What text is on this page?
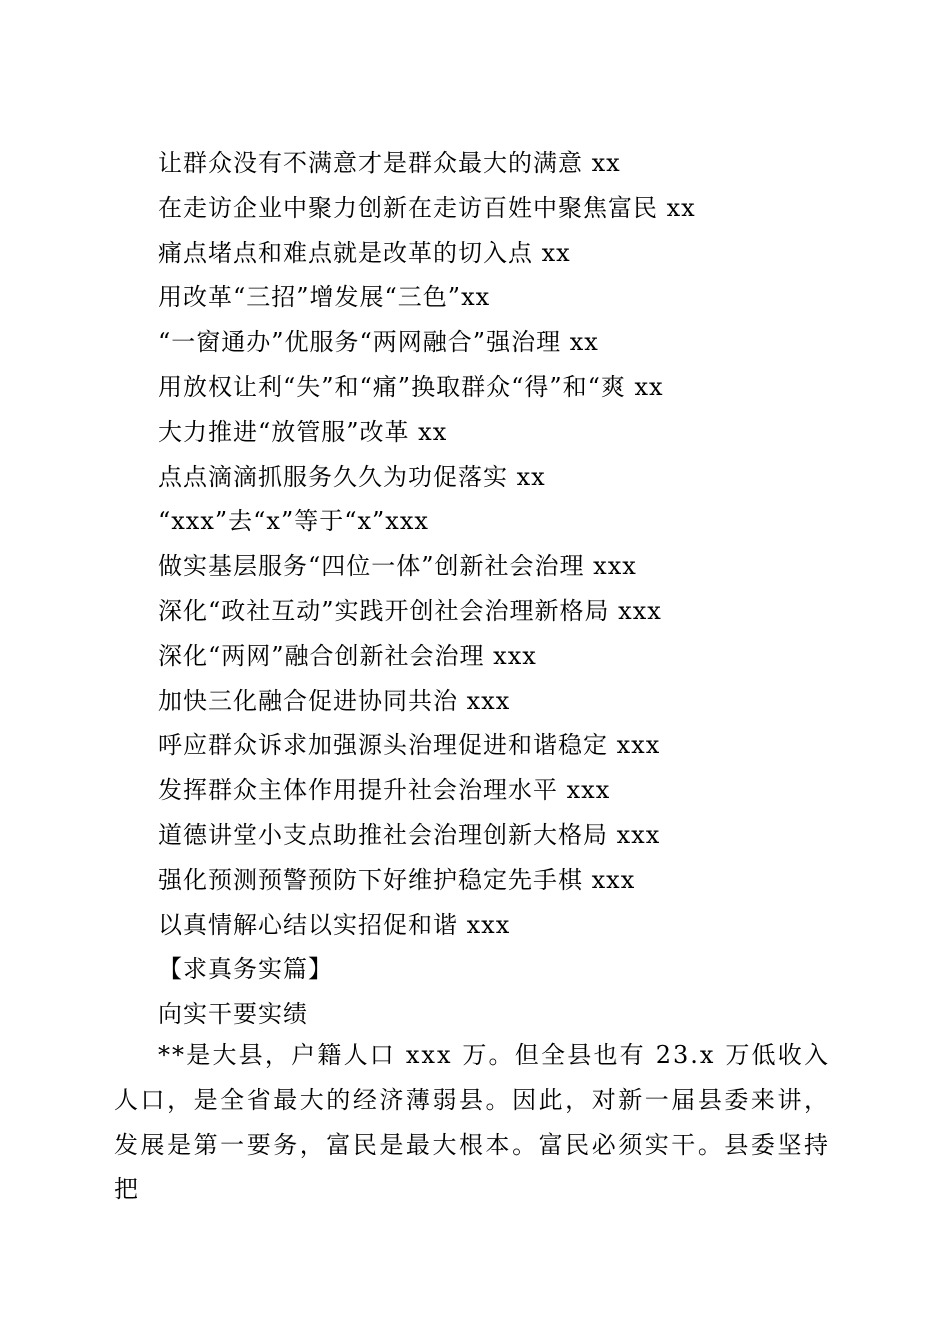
让群众没有不满意才是群众最大的满意 xx
在走访企业中聚力创新在走访百姓中聚焦富民 xx
痛点堵点和难点就是改革的切入点 xx
用改革“三招”增发展“三色”xx
“一窗通办”优服务“两网融合”强治理 xx
用放权让利“失”和“痛”换取群众“得”和“爽 xx
大力推进“放管服”改革 xx
点点滴滴抓服务久久为功促落实 xx
“xxx”去“x”等于“x”xxx
做实基层服务“四位一体”创新社会治理 xxx
深化“政社互动”实践开创社会治理新格局 xxx
深化“两网”融合创新社会治理 xxx
加快三化融合促进协同共治 xxx
呼应群众诉求加强源头治理促进和谐稳定 xxx
发挥群众主体作用提升社会治理水平 xxx
道德讲堂小支点助推社会治理创新大格局 xxx
强化预测预警预防下好维护稳定先手棋 xxx
以真情解心结以实招促和谐 xxx
【求真务实篇】
向实干要实绩

**是大县，户籍人口 xxx 万。但全县也有 23.x 万低收入人口，是全省最大的经济薄弱县。因此，对新一届县委来讲，发展是第一要务，富民是最大根本。富民必须实干。县委坚持把
